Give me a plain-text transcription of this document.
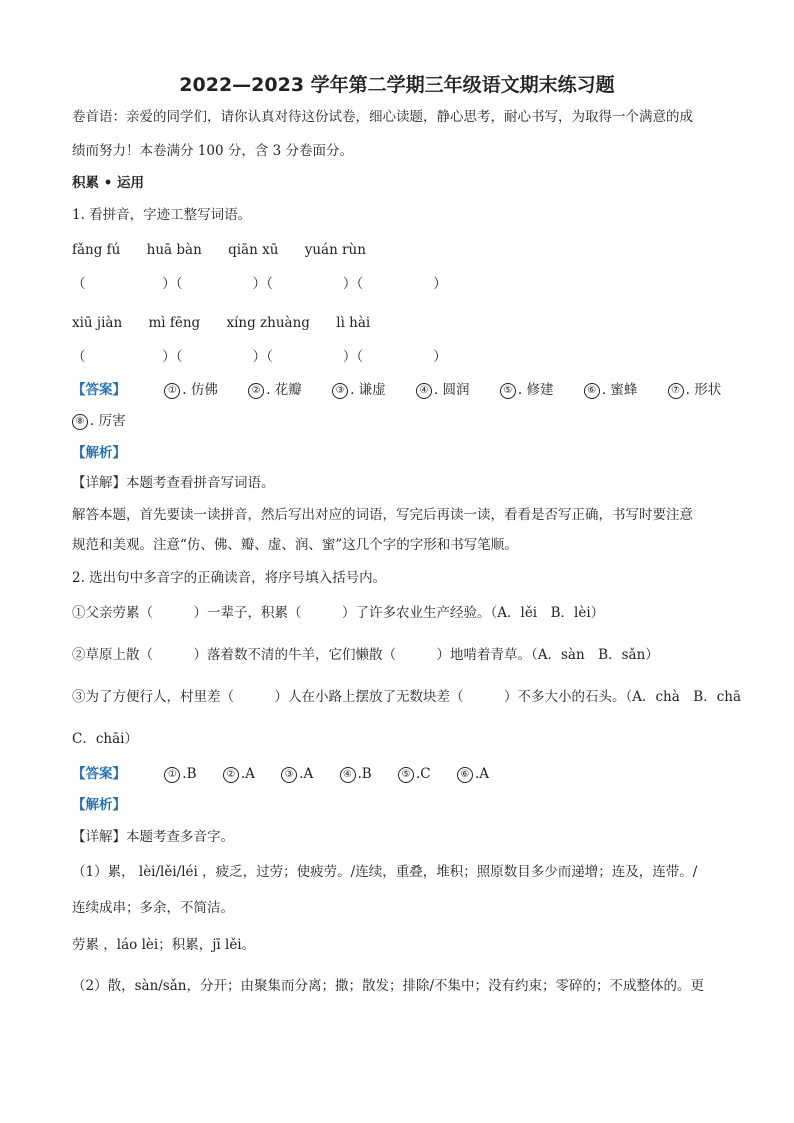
2022—2023 学年第二学期三年级语文期末练习题
卷首语：亲爱的同学们，请你认真对待这份试卷，细心读题，静心思考，耐心书写，为取得一个满意的成
绩而努力！本卷满分 100 分，含 3 分卷面分。
积累 • 运用
1. 看拼音，字迹工整写词语。
fǎng fú huā bàn qiān xū yuán rùn
（	）（	）（	）（	）
xiū jiàn mì fēng xíng zhuàng lì hài
（	）（	）（	）（	）
【答案】	① . 仿佛	② . 花瓣	③ . 谦虚	④ . 圆润	⑤ . 修建	⑥ . 蜜蜂	⑦ . 形状
⑧ . 厉害
【解析】
【详解】本题考查看拼音写词语。
解答本题，首先要读一读拼音，然后写出对应的词语，写完后再读一读，看看是否写正确，书写时要注意
规范和美观。注意“仿、佛、瓣、虚、润、蜜”这几个字的字形和书写笔顺。
2. 选出句中多音字的正确读音，将序号填入括号内。
①父亲劳累（　　　）一辈子，积累（　　　）了许多农业生产经验。（A．lěi　B．lèi）
②草原上散（　　　）落着数不清的牛羊，它们懒散（　　　）地啃着青草。（A．sàn　B．sǎn）
③为了方便行人，村里差（　　　）人在小路上摆放了无数块差（　　　）不多大小的石头。（A．chà　B．chā
C．chāi）
【答案】	① .B	② .A	③ .A	④ .B	⑤ .C	⑥ .A
【解析】
【详解】本题考查多音字。
（1）累， lèi/lěi/léi ，疲乏，过劳；使疲劳。/连续，重叠，堆积；照原数目多少而递增；连及，连带。/
连续成串；多余，不简洁。
劳累 ，láo lèi；积累，jī lěi。
（2）散，sàn/sǎn，分开；由聚集而分离；撒；散发；排除/不集中；没有约束；零碎的；不成整体的。更
